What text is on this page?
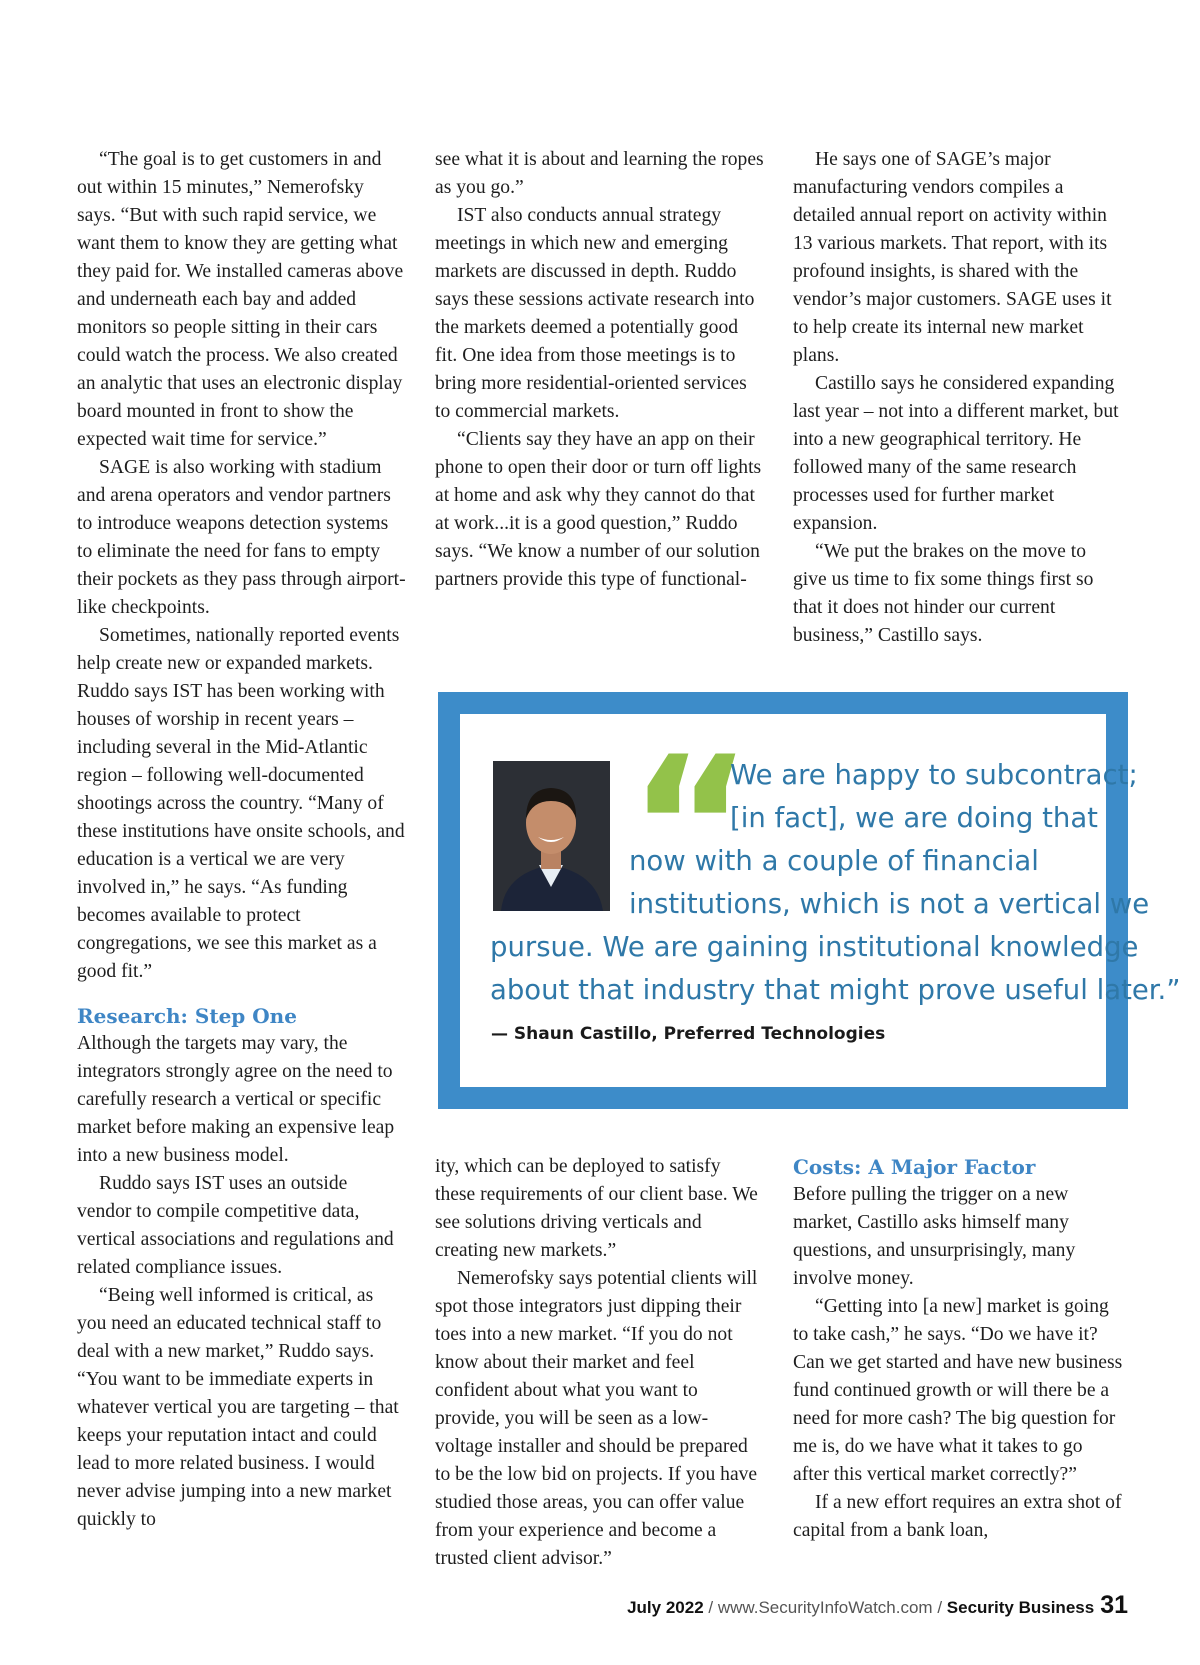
“The goal is to get customers in and out within 15 minutes,” Nemerofsky says. “But with such rapid service, we want them to know they are getting what they paid for. We installed cameras above and underneath each bay and added monitors so people sitting in their cars could watch the process. We also created an analytic that uses an electronic display board mounted in front to show the expected wait time for service.”

SAGE is also working with stadium and arena operators and vendor partners to introduce weapons detection systems to eliminate the need for fans to empty their pockets as they pass through airport-like checkpoints.

Sometimes, nationally reported events help create new or expanded markets. Ruddo says IST has been working with houses of worship in recent years – including several in the Mid-Atlantic region – following well-documented shootings across the country. “Many of these institutions have onsite schools, and education is a vertical we are very involved in,” he says. “As funding becomes available to protect congregations, we see this market as a good fit.”

Research: Step One

Although the targets may vary, the integrators strongly agree on the need to carefully research a vertical or specific market before making an expensive leap into a new business model.

Ruddo says IST uses an outside vendor to compile competitive data, vertical associations and regulations and related compliance issues.

“Being well informed is critical, as you need an educated technical staff to deal with a new market,” Ruddo says. “You want to be immediate experts in whatever vertical you are targeting – that keeps your reputation intact and could lead to more related business. I would never advise jumping into a new market quickly to

see what it is about and learning the ropes as you go.”

IST also conducts annual strategy meetings in which new and emerging markets are discussed in depth. Ruddo says these sessions activate research into the markets deemed a potentially good fit. One idea from those meetings is to bring more residential-oriented services to commercial markets.

“Clients say they have an app on their phone to open their door or turn off lights at home and ask why they cannot do that at work...it is a good question,” Ruddo says. “We know a number of our solution partners provide this type of functional-

He says one of SAGE’s major manufacturing vendors compiles a detailed annual report on activity within 13 various markets. That report, with its profound insights, is shared with the vendor’s major customers. SAGE uses it to help create its internal new market plans.

Castillo says he considered expanding last year – not into a different market, but into a new geographical territory. He followed many of the same research processes used for further market expansion.

“We put the brakes on the move to give us time to fix some things first so that it does not hinder our current business,” Castillo says.

“
We are happy to subcontract;
[in fact], we are doing that
now with a couple of financial
institutions, which is not a vertical we
pursue. We are gaining institutional knowledge
about that industry that might prove useful later.”
— Shaun Castillo, Preferred Technologies

ity, which can be deployed to satisfy these requirements of our client base. We see solutions driving verticals and creating new markets.”

Nemerofsky says potential clients will spot those integrators just dipping their toes into a new market. “If you do not know about their market and feel confident about what you want to provide, you will be seen as a low-voltage installer and should be prepared to be the low bid on projects. If you have studied those areas, you can offer value from your experience and become a trusted client advisor.”

Costs: A Major Factor

Before pulling the trigger on a new market, Castillo asks himself many questions, and unsurprisingly, many involve money.

“Getting into [a new] market is going to take cash,” he says. “Do we have it? Can we get started and have new business fund continued growth or will there be a need for more cash? The big question for me is, do we have what it takes to go after this vertical market correctly?”

If a new effort requires an extra shot of capital from a bank loan,

July 2022 / www.SecurityInfoWatch.com / Security Business 31
